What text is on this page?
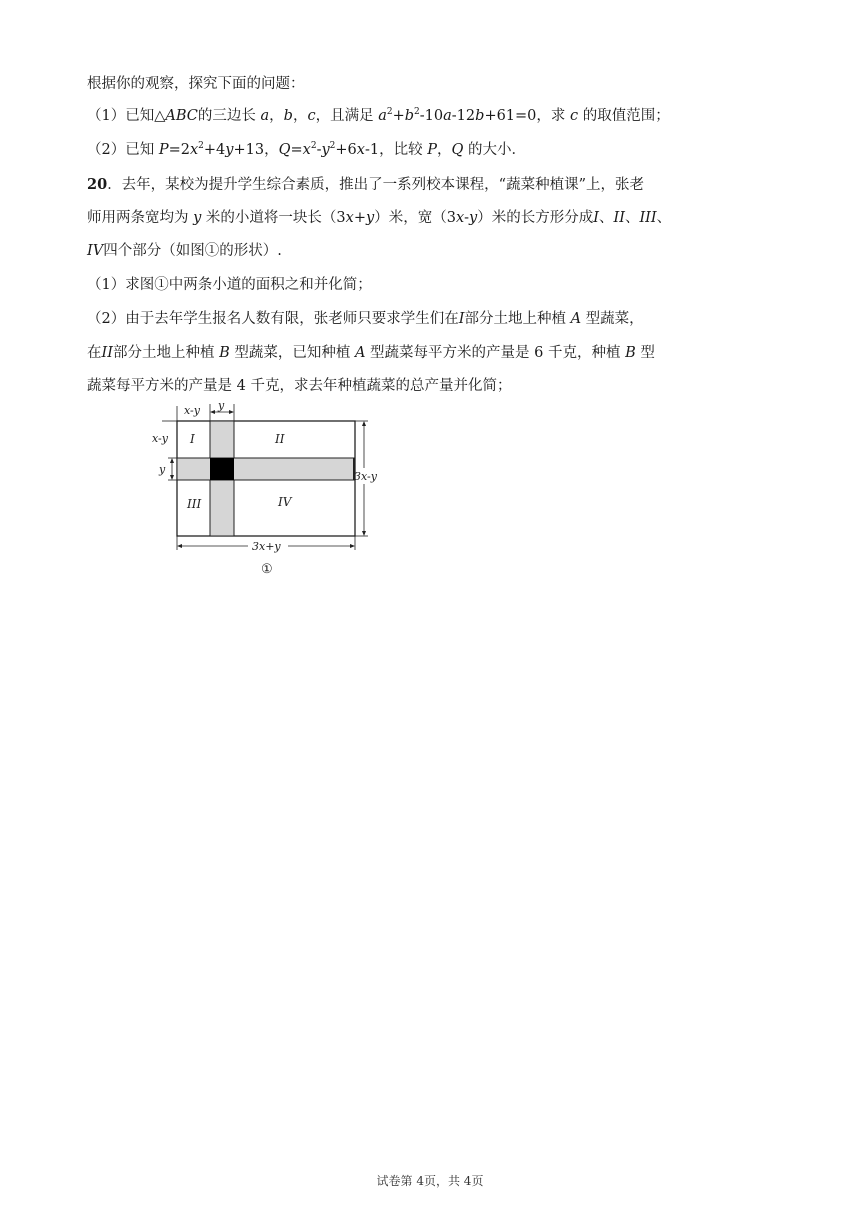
根据你的观察，探究下面的问题：
（1）已知△ABC的三边长 a，b，c，且满足 $a^2+b^2-10a-12b+61=0$，求 c 的取值范围；
（2）已知 $P=2x^2+4y+13$，$Q=x^2-y^2+6x-1$，比较 P，Q 的大小．
20．去年，某校为提升学生综合素质，推出了一系列校本课程，“蔬菜种植课”上，张老
师用两条宽均为 y 米的小道将一块长（3x+y）米，宽（3x-y）米的长方形分成I、II、III、
IV四个部分（如图①的形状）.
（1）求图①中两条小道的面积之和并化简；
（2）由于去年学生报名人数有限，张老师只要求学生们在I部分土地上种植 A 型蔬菜，
在II部分土地上种植 B 型蔬菜，已知种植 A 型蔬菜每平方米的产量是 6 千克，种植 B 型
蔬菜每平方米的产量是 4 千克，求去年种植蔬菜的总产量并化简；
x-y y
x-y
y
3x-y
3x+y
I	II
III	IV
①
试卷第 4页，共 4页
